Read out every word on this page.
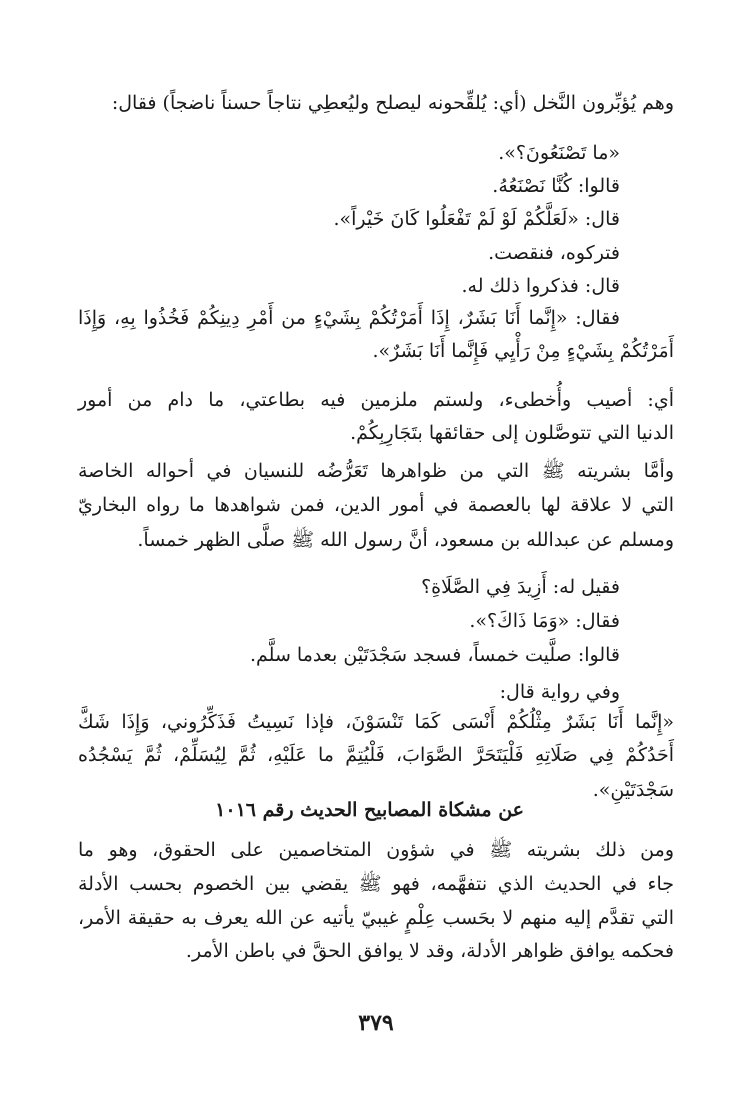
وهم يُؤبِّرون النَّخل (أي: يُلقِّحونه ليصلح وليُعطِي نتاجاً حسناً ناضجاً) فقال:
«ما تَصْنَعُونَ؟».
قالوا: كُنَّا نَصْنَعُهُ.
قال: «لَعَلَّكُمْ لَوْ لَمْ تَفْعَلُوا كَانَ خَيْراً».
فتركوه، فنقصت.
قال: فذكروا ذلك له.
فقال: «إِنَّما أَنَا بَشَرٌ، إِذَا أَمَرْتُكُمْ بِشَيْءٍ من أَمْرِ دِينِكُمْ فَخُذُوا بِهِ، وَإِذَا
أَمَرْتُكُمْ بِشَيْءٍ مِنْ رَأْيِي فَإِنَّما أَنَا بَشَرٌ».
أي: أصيب وأُخطىء، ولستم ملزمين فيه بطاعتي، ما دام من أمور
الدنيا التي تتوصَّلون إلى حقائقها بتَجَارِبِكُمْ.
وأمَّا بشريته ﷺ التي من ظواهرها تَعَرُّضُه للنسيان في أحواله الخاصة
التي لا علاقة لها بالعصمة في أمور الدين، فمن شواهدها ما رواه البخاريّ
ومسلم عن عبدالله بن مسعود، أنَّ رسول الله ﷺ صلَّى الظهر خمساً.
فقيل له: أَزِيدَ فِي الصَّلَاةِ؟
فقال: «وَمَا ذَاكَ؟».
قالوا: صلَّيت خمساً، فسجد سَجْدَتَيْن بعدما سلَّم.
وفي رواية قال:
«إِنَّما أَنَا بَشَرٌ مِثْلُكُمْ أَنْسَى كَمَا تَنْسَوْنَ، فإذا نَسِيتُ فَذَكِّرُوني، وَإِذَا شَكَّ
أَحَدُكُمْ فِي صَلَاتِهِ فَلْيَتَحَرَّ الصَّوَابَ، فَلْيُتِمَّ ما عَلَيْهِ، ثُمَّ لِيُسَلِّمْ، ثُمَّ يَسْجُدُه
سَجْدَتَيْنِ».
عن مشكاة المصابيح الحديث رقم ١٠١٦
ومن ذلك بشريته ﷺ في شؤون المتخاصمين على الحقوق، وهو ما
جاء في الحديث الذي نتفهَّمه، فهو ﷺ يقضي بين الخصوم بحسب الأدلة
التي تقدَّم إليه منهم لا بحَسب عِلْمٍ غيبيّ يأتيه عن الله يعرف به حقيقة الأمر،
فحكمه يوافق ظواهر الأدلة، وقد لا يوافق الحقَّ في باطن الأمر.
٣٧٩
